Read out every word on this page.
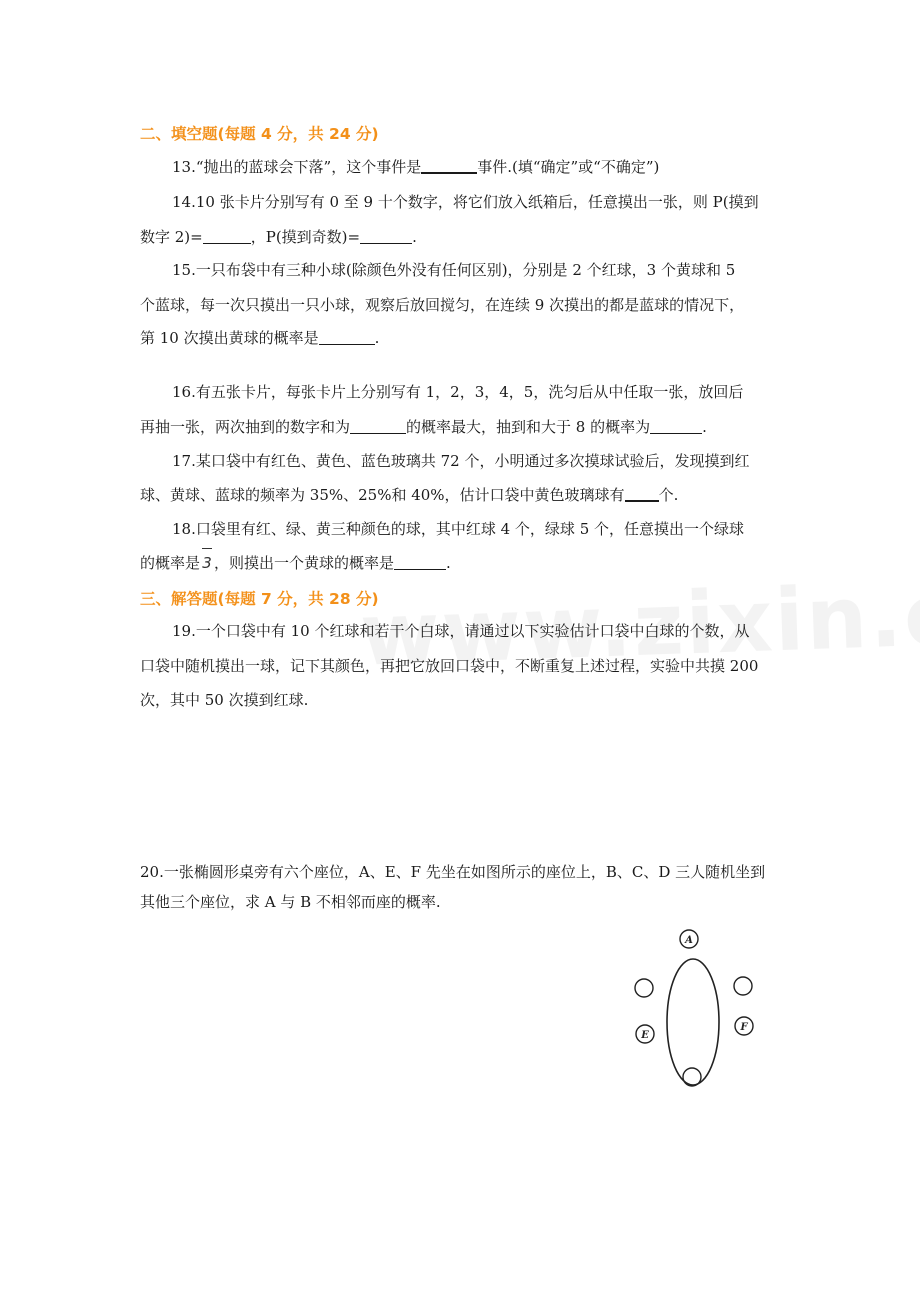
二、填空题(每题 4 分，共 24 分)
13.“抛出的蓝球会下落”，这个事件是	事件.(填“确定”或“不确定”)
14.10 张卡片分别写有 0 至 9 十个数字，将它们放入纸箱后，任意摸出一张，则 P(摸到
数字 2)=	，P(摸到奇数)=	.
15.一只布袋中有三种小球(除颜色外没有任何区别)，分别是 2 个红球，3 个黄球和 5
个蓝球，每一次只摸出一只小球，观察后放回搅匀，在连续 9 次摸出的都是蓝球的情况下，
第 10 次摸出黄球的概率是	.
16.有五张卡片，每张卡片上分别写有 1，2，3，4，5，洗匀后从中任取一张，放回后
再抽一张，两次抽到的数字和为	的概率最大，抽到和大于 8 的概率为	.
17.某口袋中有红色、黄色、蓝色玻璃共 72 个，小明通过多次摸球试验后，发现摸到红
球、黄球、蓝球的频率为 35%、25%和 40%，估计口袋中黄色玻璃球有 个.
18.口袋里有红、绿、黄三种颜色的球，其中红球 4 个，绿球 5 个，任意摸出一个绿球
的概率是 3 ，则摸出一个黄球的概率是	.
三、解答题(每题 7 分，共 28 分)
19.一个口袋中有 10 个红球和若干个白球，请通过以下实验估计口袋中白球的个数，从
口袋中随机摸出一球，记下其颜色，再把它放回口袋中，不断重复上述过程，实验中共摸 200
次，其中 50 次摸到红球.
20.一张椭圆形桌旁有六个座位，A、E、F 先坐在如图所示的座位上，B、C、D 三人随机坐到
其他三个座位，求 A 与 B 不相邻而座的概率.
A
E
F
